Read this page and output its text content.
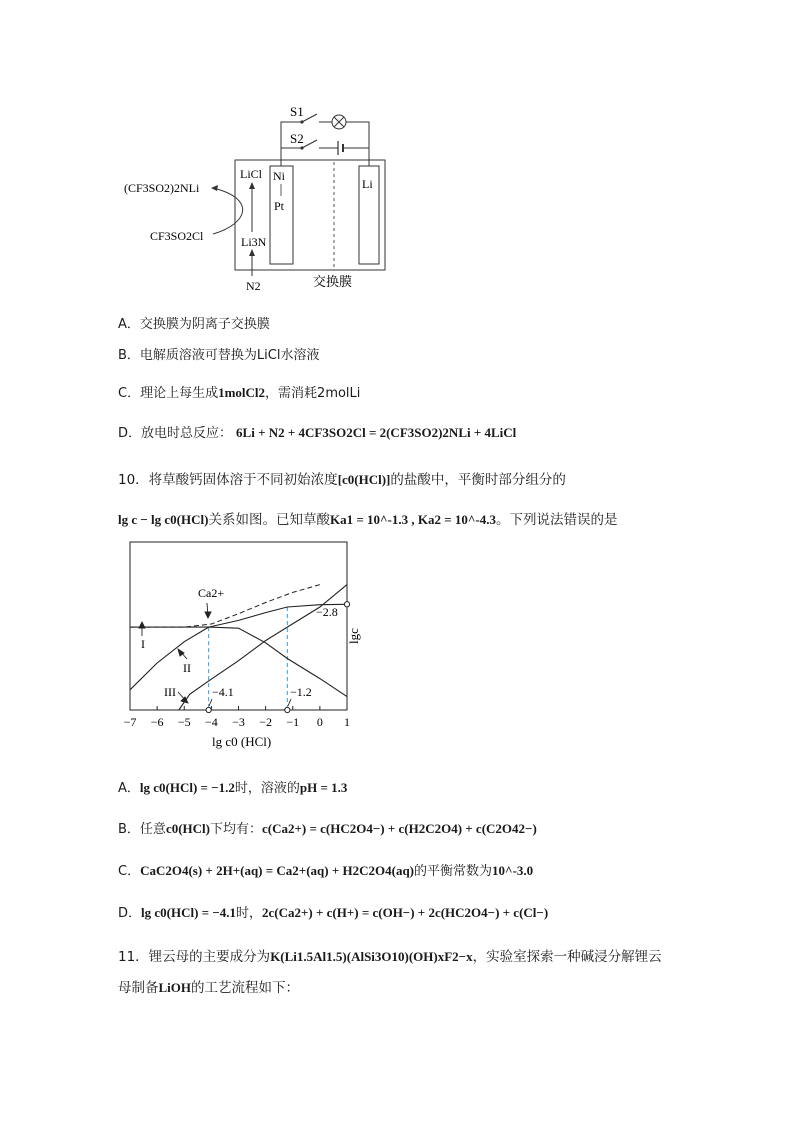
S1
S2
Ni
Pt
Li
LiCl
(CF3SO2)2NLi
CF3SO2Cl	Li3N
N2	交换膜
A．交换膜为阴离子交换膜
B．电解质溶液可替换为LiCl水溶液
C．理论上每生成1molCl2，需消耗2molLi
D．放电时总反应： 6Li + N2 + 4CF3SO2Cl = 2(CF3SO2)2NLi + 4LiCl
10．将草酸钙固体溶于不同初始浓度[c0(HCl)]的盐酸中，平衡时部分组分的
lg c − lg c0(HCl)关系如图。已知草酸Ka1 = 10^-1.3 , Ka2 = 10^-4.3。下列说法错误的是
−7 −6 −5 −4 −3 −2 −1 0 1
lg c0 (HCl)
lgc
Ca2+
I
II
III
−2.8
−4.1	−1.2
A．lg c0(HCl) = −1.2时，溶液的pH = 1.3
B．任意c0(HCl)下均有：c(Ca2+) = c(HC2O4−) + c(H2C2O4) + c(C2O42−)
C．CaC2O4(s) + 2H+(aq) = Ca2+(aq) + H2C2O4(aq)的平衡常数为10^-3.0
D．lg c0(HCl) = −4.1时，2c(Ca2+) + c(H+) = c(OH−) + 2c(HC2O4−) + c(Cl−)
11．锂云母的主要成分为K(Li1.5Al1.5)(AlSi3O10)(OH)xF2−x，实验室探索一种碱浸分解锂云
母制备LiOH的工艺流程如下：
